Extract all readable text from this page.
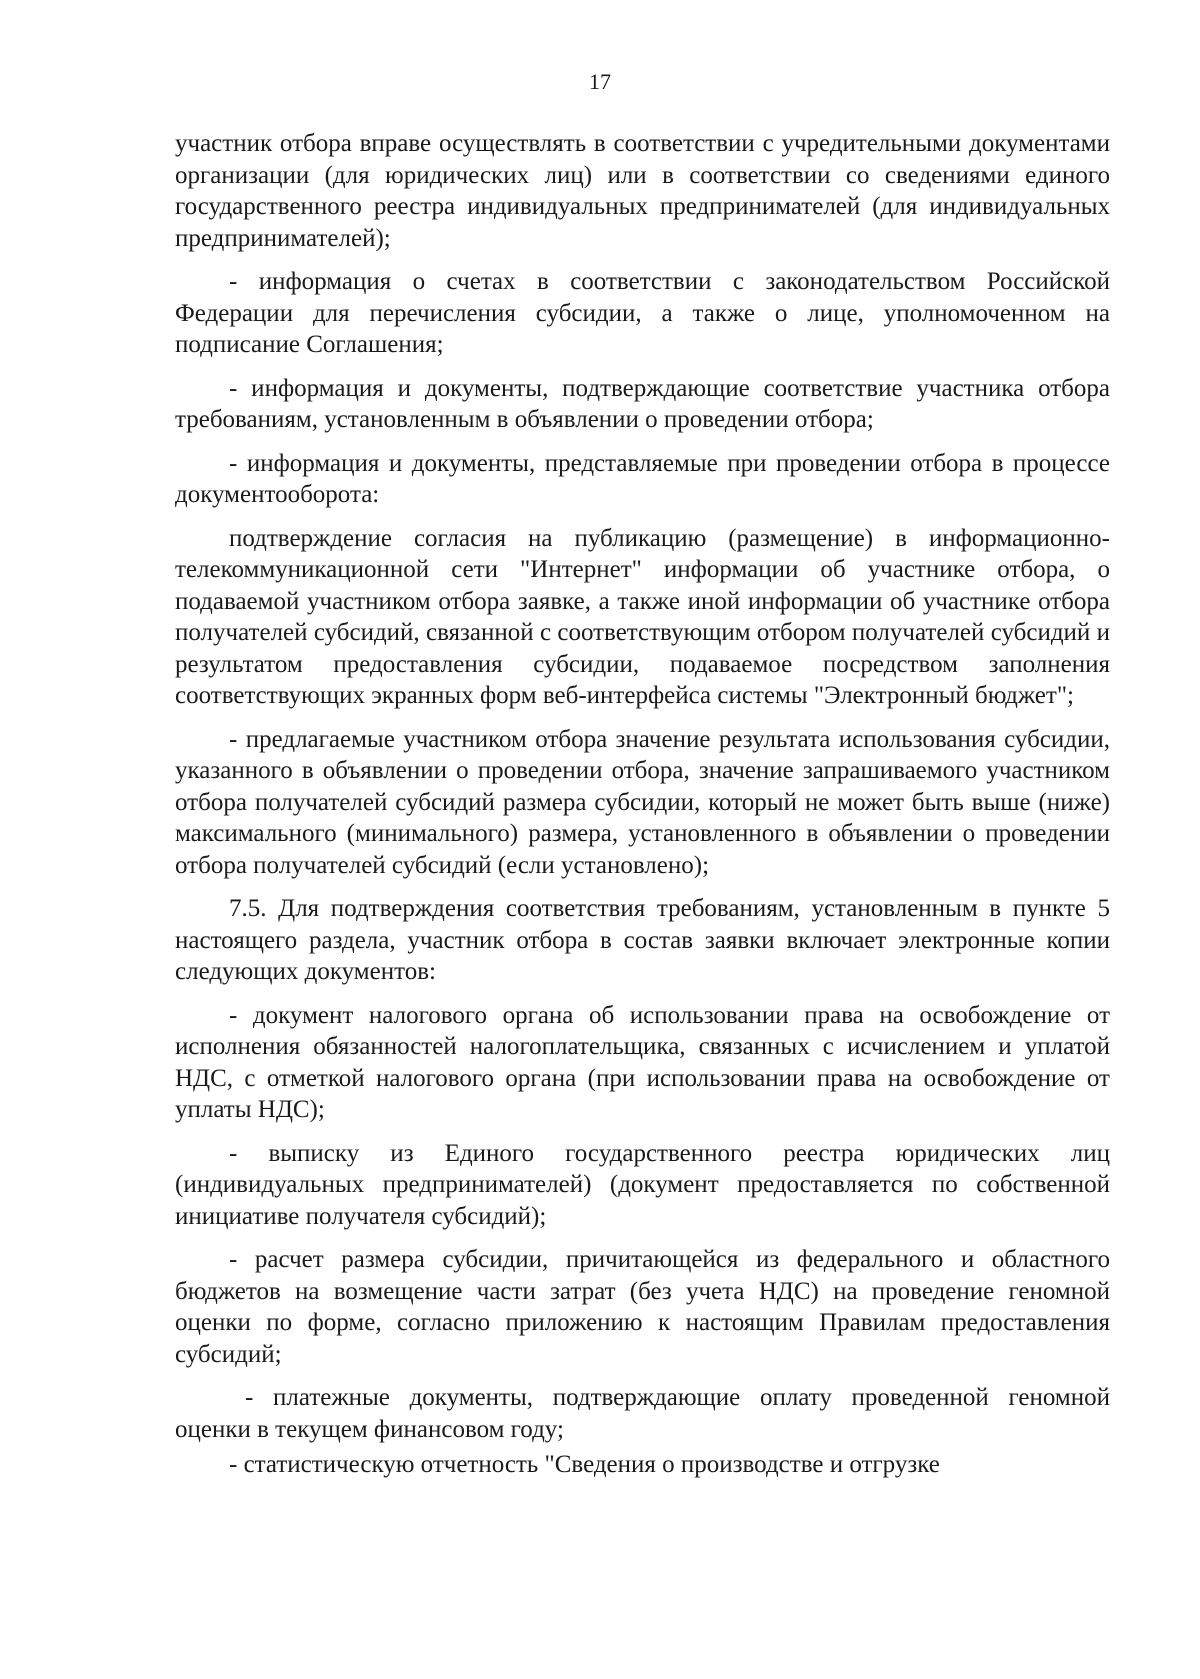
17

участник отбора вправе осуществлять в соответствии с учредительными документами организации (для юридических лиц) или в соответствии со сведениями единого государственного реестра индивидуальных предпринимателей (для индивидуальных предпринимателей);

- информация о счетах в соответствии с законодательством Российской Федерации для перечисления субсидии, а также о лице, уполномоченном на подписание Соглашения;

- информация и документы, подтверждающие соответствие участника отбора требованиям, установленным в объявлении о проведении отбора;

- информация и документы, представляемые при проведении отбора в процессе документооборота:

подтверждение согласия на публикацию (размещение) в информационно-телекоммуникационной сети "Интернет" информации об участнике отбора, о подаваемой участником отбора заявке, а также иной информации об участнике отбора получателей субсидий, связанной с соответствующим отбором получателей субсидий и результатом предоставления субсидии, подаваемое посредством заполнения соответствующих экранных форм веб-интерфейса системы "Электронный бюджет";

- предлагаемые участником отбора значение результата использования субсидии, указанного в объявлении о проведении отбора, значение запрашиваемого участником отбора получателей субсидий размера субсидии, который не может быть выше (ниже) максимального (минимального) размера, установленного в объявлении о проведении отбора получателей субсидий (если установлено);

7.5. Для подтверждения соответствия требованиям, установленным в пункте 5 настоящего раздела, участник отбора в состав заявки включает электронные копии следующих документов:

- документ налогового органа об использовании права на освобождение от исполнения обязанностей налогоплательщика, связанных с исчислением и уплатой НДС, с отметкой налогового органа (при использовании права на освобождение от уплаты НДС);

- выписку из Единого государственного реестра юридических лиц (индивидуальных предпринимателей) (документ предоставляется по собственной инициативе получателя субсидий);

- расчет размера субсидии, причитающейся из федерального и областного бюджетов на возмещение части затрат (без учета НДС) на проведение геномной оценки по форме, согласно приложению к настоящим Правилам предоставления субсидий;

- платежные документы, подтверждающие оплату проведенной геномной оценки в текущем финансовом году;

- статистическую отчетность "Сведения о производстве и отгрузке
